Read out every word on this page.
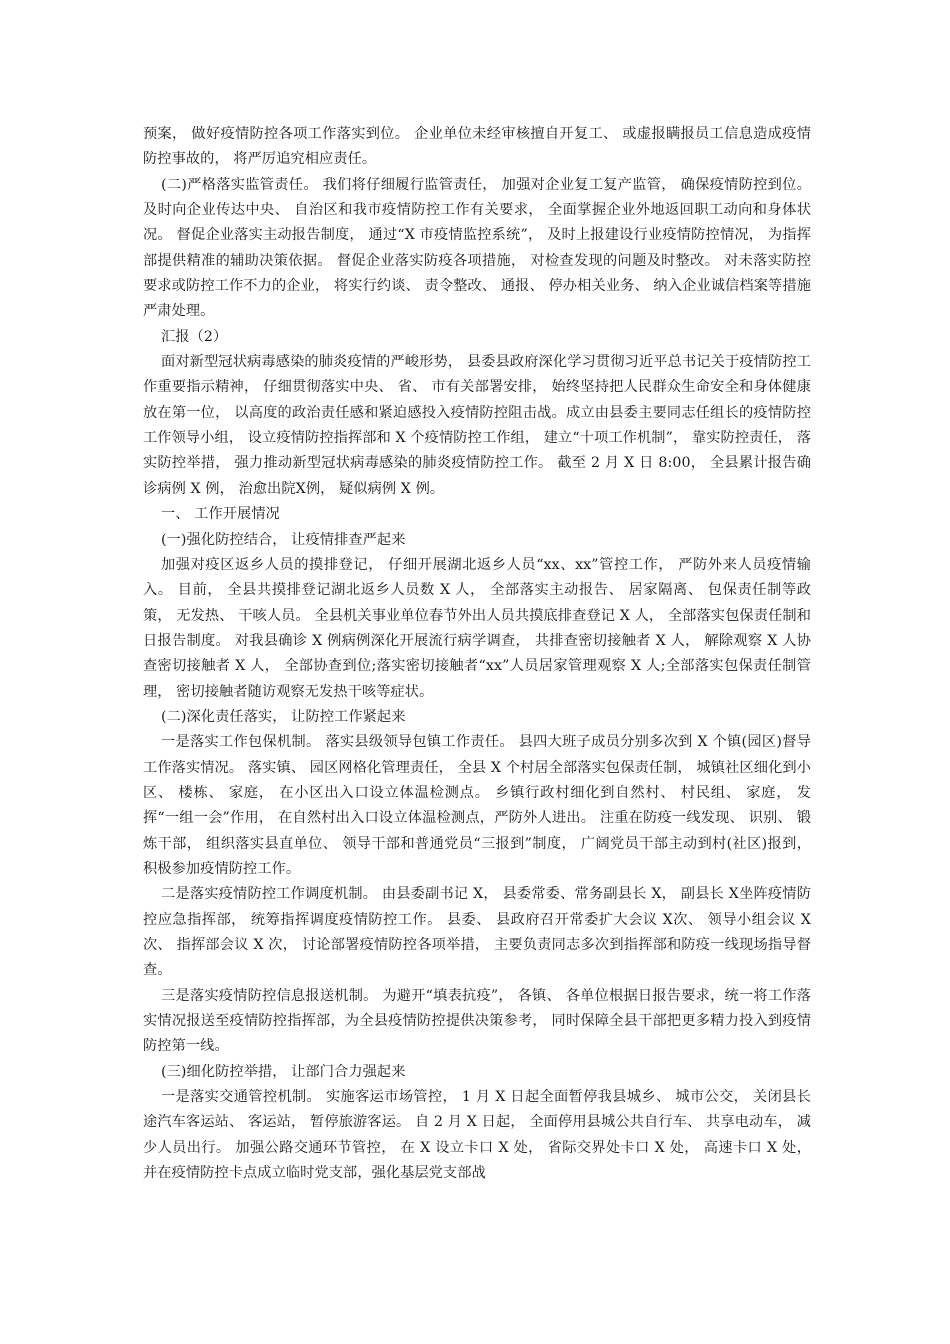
预案， 做好疫情防控各项工作落实到位。 企业单位未经审核擅自开复工、 或虚报瞒报员工信息造成疫情防控事故的， 将严厉追究相应责任。

(二)严格落实监管责任。 我们将仔细履行监管责任， 加强对企业复工复产监管， 确保疫情防控到位。 及时向企业传达中央、 自治区和我市疫情防控工作有关要求， 全面掌握企业外地返回职工动向和身体状况。 督促企业落实主动报告制度， 通过“X 市疫情监控系统”， 及时上报建设行业疫情防控情况， 为指挥部提供精准的辅助决策依据。 督促企业落实防疫各项措施， 对检查发现的问题及时整改。 对未落实防控要求或防控工作不力的企业， 将实行约谈、 责令整改、 通报、 停办相关业务、 纳入企业诚信档案等措施严肃处理。

汇报（2）

面对新型冠状病毒感染的肺炎疫情的严峻形势， 县委县政府深化学习贯彻习近平总书记关于疫情防控工作重要指示精神， 仔细贯彻落实中央、 省、 市有关部署安排， 始终坚持把人民群众生命安全和身体健康放在第一位， 以高度的政治责任感和紧迫感投入疫情防控阻击战。成立由县委主要同志任组长的疫情防控工作领导小组， 设立疫情防控指挥部和 X 个疫情防控工作组， 建立“十项工作机制”， 靠实防控责任， 落实防控举措， 强力推动新型冠状病毒感染的肺炎疫情防控工作。 截至 2 月 X 日 8:00， 全县累计报告确诊病例 X 例， 治愈出院X例， 疑似病例 X 例。

一、 工作开展情况

(一)强化防控结合， 让疫情排查严起来

加强对疫区返乡人员的摸排登记， 仔细开展湖北返乡人员“xx、xx”管控工作， 严防外来人员疫情输入。 目前， 全县共摸排登记湖北返乡人员数 X 人， 全部落实主动报告、 居家隔离、 包保责任制等政策， 无发热、 干咳人员。 全县机关事业单位春节外出人员共摸底排查登记 X 人， 全部落实包保责任制和日报告制度。 对我县确诊 X 例病例深化开展流行病学调查， 共排查密切接触者 X 人， 解除观察 X 人协查密切接触者 X 人， 全部协查到位;落实密切接触者“xx”人员居家管理观察 X 人;全部落实包保责任制管理， 密切接触者随访观察无发热干咳等症状。

(二)深化责任落实， 让防控工作紧起来

一是落实工作包保机制。 落实县级领导包镇工作责任。 县四大班子成员分别多次到 X 个镇(园区)督导工作落实情况。 落实镇、 园区网格化管理责任， 全县 X 个村居全部落实包保责任制， 城镇社区细化到小区、 楼栋、 家庭， 在小区出入口设立体温检测点。 乡镇行政村细化到自然村、 村民组、 家庭， 发挥“一组一会”作用， 在自然村出入口设立体温检测点，严防外人进出。 注重在防疫一线发现、 识别、 锻炼干部， 组织落实县直单位、 领导干部和普通党员“三报到”制度， 广阔党员干部主动到村(社区)报到， 积极参加疫情防控工作。

二是落实疫情防控工作调度机制。 由县委副书记 X， 县委常委、常务副县长 X， 副县长 X坐阵疫情防控应急指挥部， 统筹指挥调度疫情防控工作。 县委、 县政府召开常委扩大会议 X次、 领导小组会议 X 次、 指挥部会议 X 次， 讨论部署疫情防控各项举措， 主要负责同志多次到指挥部和防疫一线现场指导督查。

三是落实疫情防控信息报送机制。 为避开“填表抗疫”， 各镇、 各单位根据日报告要求，统一将工作落实情况报送至疫情防控指挥部，为全县疫情防控提供决策参考， 同时保障全县干部把更多精力投入到疫情防控第一线。

(三)细化防控举措， 让部门合力强起来

一是落实交通管控机制。 实施客运市场管控， 1 月 X 日起全面暂停我县城乡、 城市公交， 关闭县长途汽车客运站、 客运站， 暂停旅游客运。 自 2 月 X 日起， 全面停用县城公共自行车、 共享电动车， 减少人员出行。 加强公路交通环节管控， 在 X 设立卡口 X 处， 省际交界处卡口 X 处， 高速卡口 X 处， 并在疫情防控卡点成立临时党支部，强化基层党支部战
